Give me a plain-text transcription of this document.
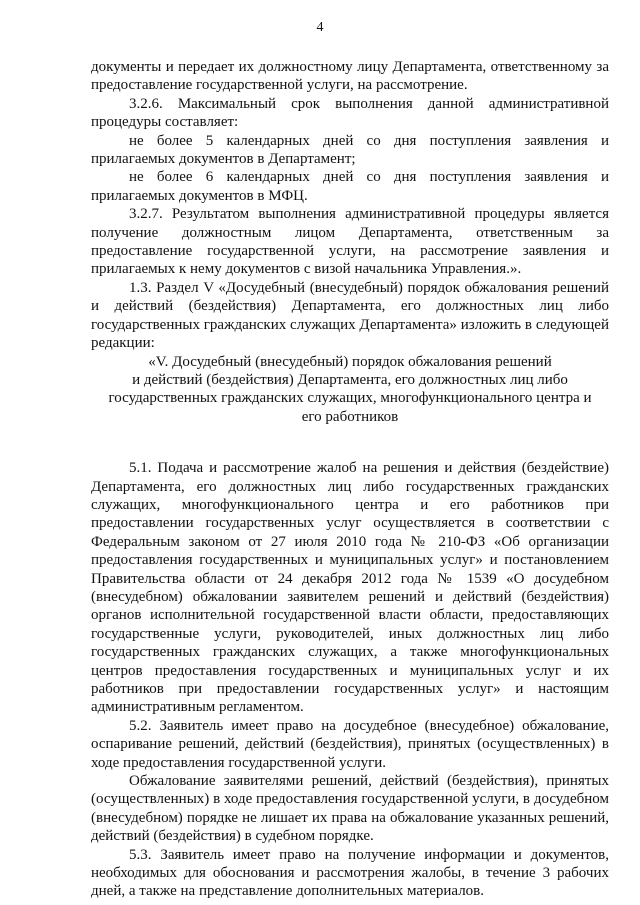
4

документы и передает их должностному лицу Департамента, ответственному за предоставление государственной услуги, на рассмотрение.

3.2.6. Максимальный срок выполнения данной административной процедуры составляет:

не более 5 календарных дней со дня поступления заявления и прилагаемых документов в Департамент;

не более 6 календарных дней со дня поступления заявления и прилагаемых документов в МФЦ.

3.2.7. Результатом выполнения административной процедуры является получение должностным лицом Департамента, ответственным за предоставление государственной услуги, на рассмотрение заявления и прилагаемых к нему документов с визой начальника Управления.».

1.3. Раздел V «Досудебный (внесудебный) порядок обжалования решений и действий (бездействия) Департамента, его должностных лиц либо государственных гражданских служащих Департамента» изложить в следующей редакции:

«V. Досудебный (внесудебный) порядок обжалования решений

и действий (бездействия) Департамента, его должностных лиц либо

государственных гражданских служащих, многофункционального центра и

его работников

5.1. Подача и рассмотрение жалоб на решения и действия (бездействие) Департамента, его должностных лиц либо государственных гражданских служащих, многофункционального центра и его работников при предоставлении государственных услуг осуществляется в соответствии с Федеральным законом от 27 июля 2010 года № 210-ФЗ «Об организации предоставления государственных и муниципальных услуг» и постановлением Правительства области от 24 декабря 2012 года № 1539 «О досудебном (внесудебном) обжаловании заявителем решений и действий (бездействия) органов исполнительной государственной власти области, предоставляющих государственные услуги, руководителей, иных должностных лиц либо государственных гражданских служащих, а также многофункциональных центров предоставления государственных и муниципальных услуг и их работников при предоставлении государственных услуг» и настоящим административным регламентом.

5.2. Заявитель имеет право на досудебное (внесудебное) обжалование, оспаривание решений, действий (бездействия), принятых (осуществленных) в ходе предоставления государственной услуги.

Обжалование заявителями решений, действий (бездействия), принятых (осуществленных) в ходе предоставления государственной услуги, в досудебном (внесудебном) порядке не лишает их права на обжалование указанных решений, действий (бездействия) в судебном порядке.

5.3. Заявитель имеет право на получение информации и документов, необходимых для обоснования и рассмотрения жалобы, в течение 3 рабочих дней, а также на представление дополнительных материалов.
